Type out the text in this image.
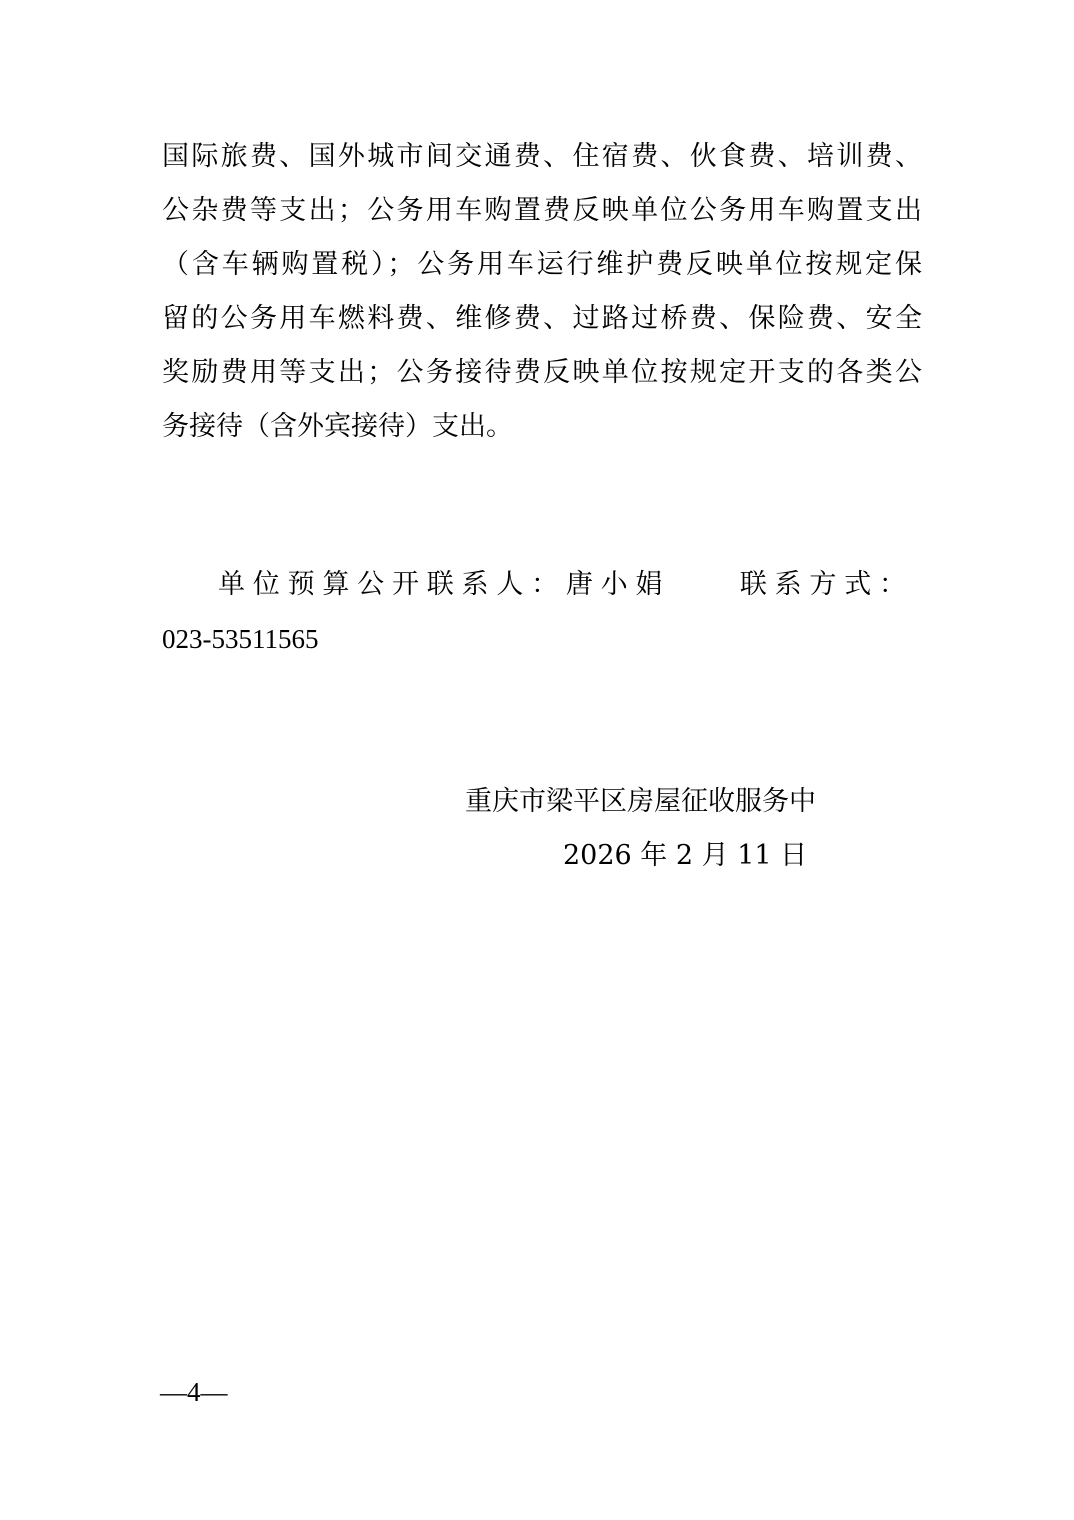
国际旅费、国外城市间交通费、住宿费、伙食费、培训费、
公杂费等支出；公务用车购置费反映单位公务用车购置支出
（含车辆购置税）；公务用车运行维护费反映单位按规定保
留的公务用车燃料费、维修费、过路过桥费、保险费、安全
奖励费用等支出；公务接待费反映单位按规定开支的各类公
务接待（含外宾接待）支出。
单位预算公开联系人：唐小娟　　联系方式：
023-53511565
重庆市梁平区房屋征收服务中
2026 年 2 月 11 日
—4—
